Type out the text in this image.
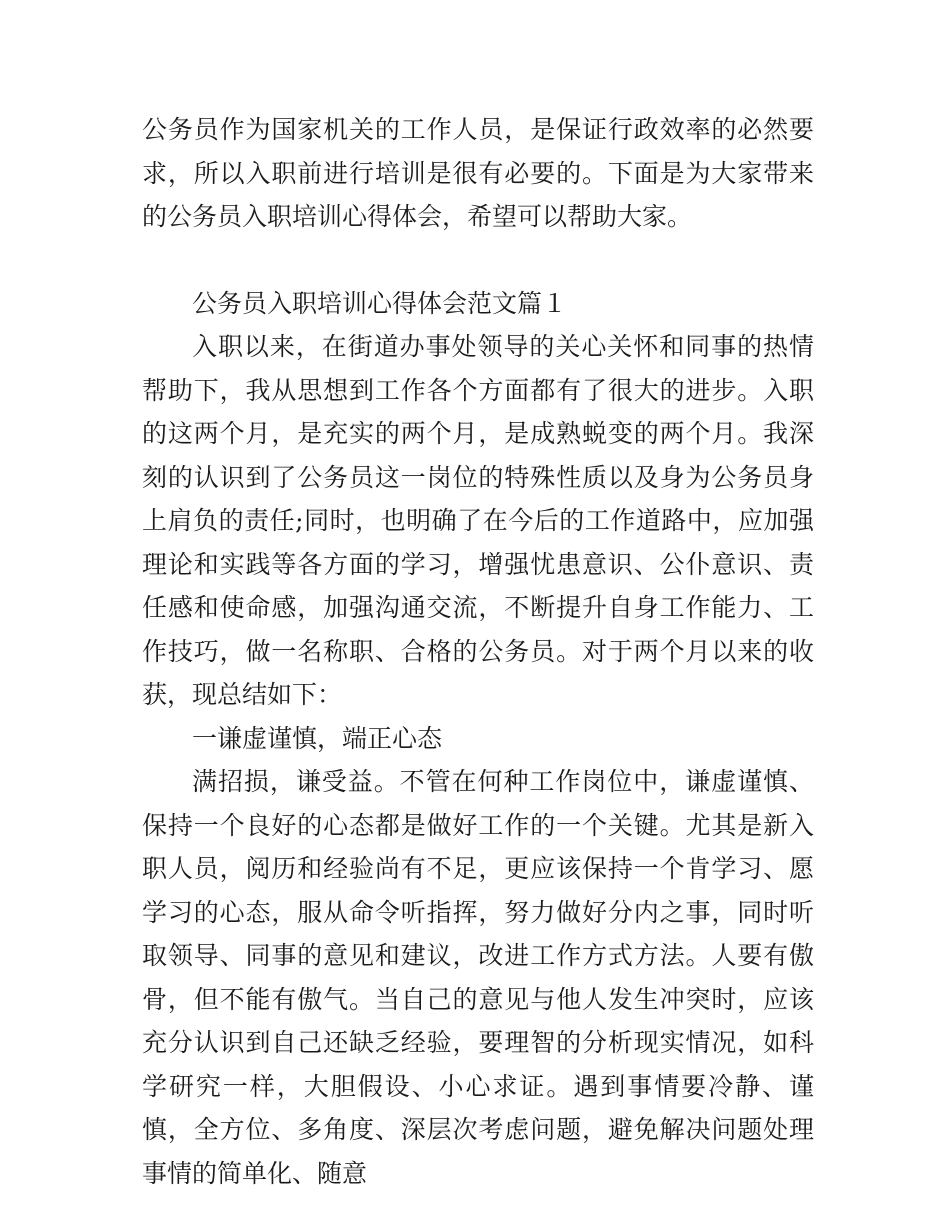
公务员作为国家机关的工作人员，是保证行政效率的必然要求，所以入职前进行培训是很有必要的。下面是为大家带来的公务员入职培训心得体会，希望可以帮助大家。

公务员入职培训心得体会范文篇１

入职以来，在街道办事处领导的关心关怀和同事的热情帮助下，我从思想到工作各个方面都有了很大的进步。入职的这两个月，是充实的两个月，是成熟蜕变的两个月。我深刻的认识到了公务员这一岗位的特殊性质以及身为公务员身上肩负的责任;同时，也明确了在今后的工作道路中，应加强理论和实践等各方面的学习，增强忧患意识、公仆意识、责任感和使命感，加强沟通交流，不断提升自身工作能力、工作技巧，做一名称职、合格的公务员。对于两个月以来的收获，现总结如下：

一谦虚谨慎，端正心态

满招损，谦受益。不管在何种工作岗位中，谦虚谨慎、保持一个良好的心态都是做好工作的一个关键。尤其是新入职人员，阅历和经验尚有不足，更应该保持一个肯学习、愿学习的心态，服从命令听指挥，努力做好分内之事，同时听取领导、同事的意见和建议，改进工作方式方法。人要有傲骨，但不能有傲气。当自己的意见与他人发生冲突时，应该充分认识到自己还缺乏经验，要理智的分析现实情况，如科学研究一样，大胆假设、小心求证。遇到事情要冷静、谨慎，全方位、多角度、深层次考虑问题，避免解决问题处理事情的简单化、随意
